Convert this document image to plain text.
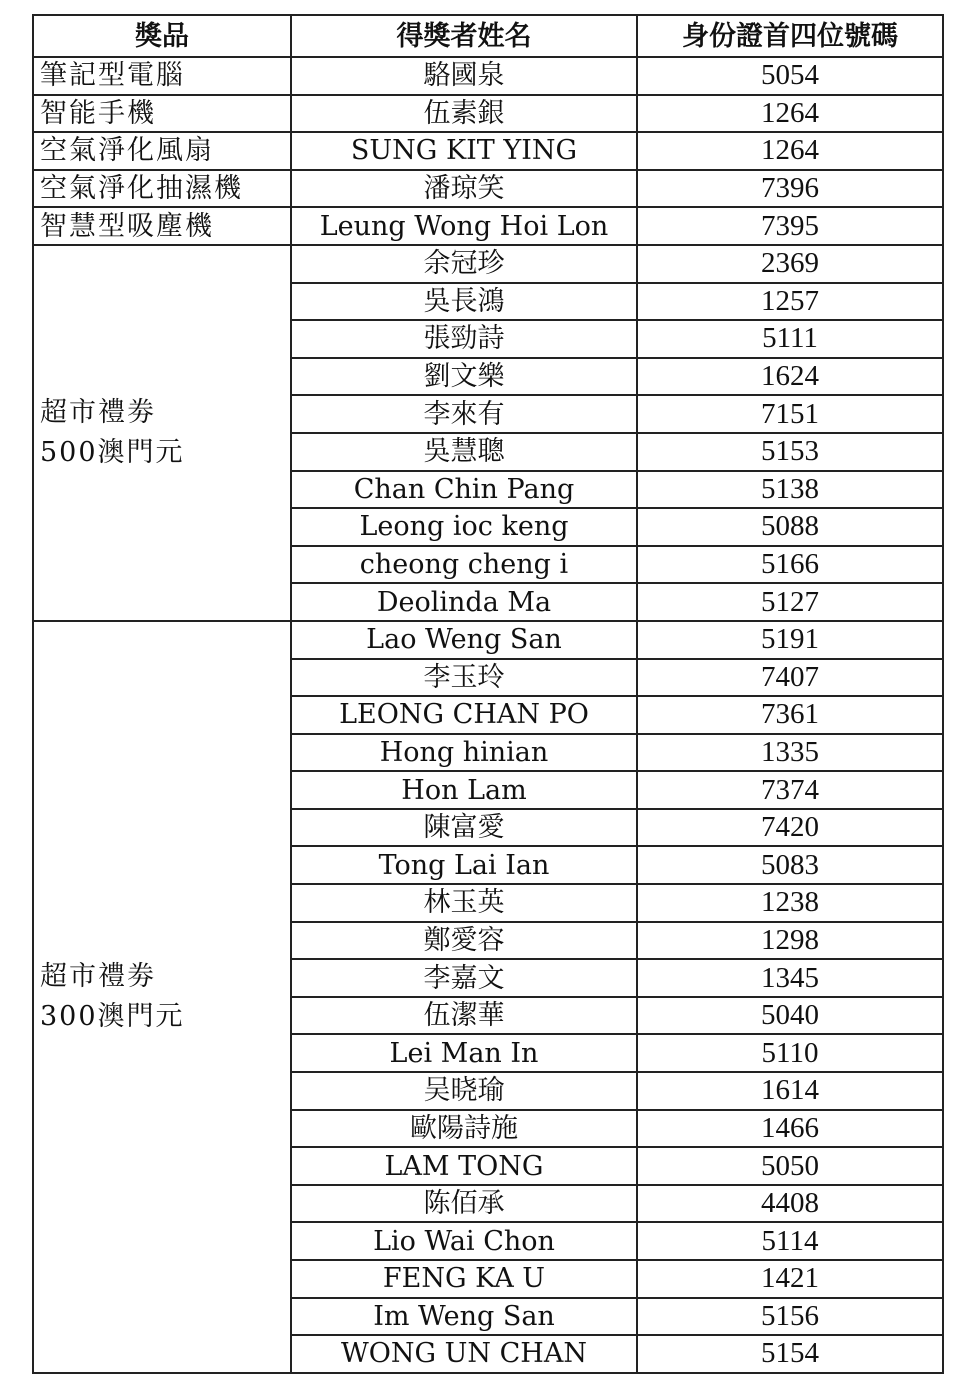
獎品	得獎者姓名	身份證首四位號碼
筆記型電腦	駱國泉	5054
智能手機	伍素銀	1264
空氣淨化風扇	SUNG KIT YING	1264
空氣淨化抽濕機	潘琼笑	7396
智慧型吸塵機	Leung Wong Hoi Lon	7395

超市禮劵
500澳門元	余冠珍	2369
	吳長鴻	1257
	張勁詩	5111
	劉文樂	1624
	李來有	7151
	吳慧聰	5153
	Chan Chin Pang	5138
	Leong ioc keng	5088
	cheong cheng i	5166
	Deolinda Ma	5127

超市禮劵
300澳門元	Lao Weng San	5191
	李玉玲	7407
	LEONG CHAN PO	7361
	Hong hinian	1335
	Hon Lam	7374
	陳富愛	7420
	Tong Lai Ian	5083
	林玉英	1238
	鄭愛容	1298
	李嘉文	1345
	伍潔華	5040
	Lei Man In	5110
	吴晓瑜	1614
	歐陽詩施	1466
	LAM TONG	5050
	陈佰承	4408
	Lio Wai Chon	5114
	FENG KA U	1421
	Im Weng San	5156
	WONG UN CHAN	5154
